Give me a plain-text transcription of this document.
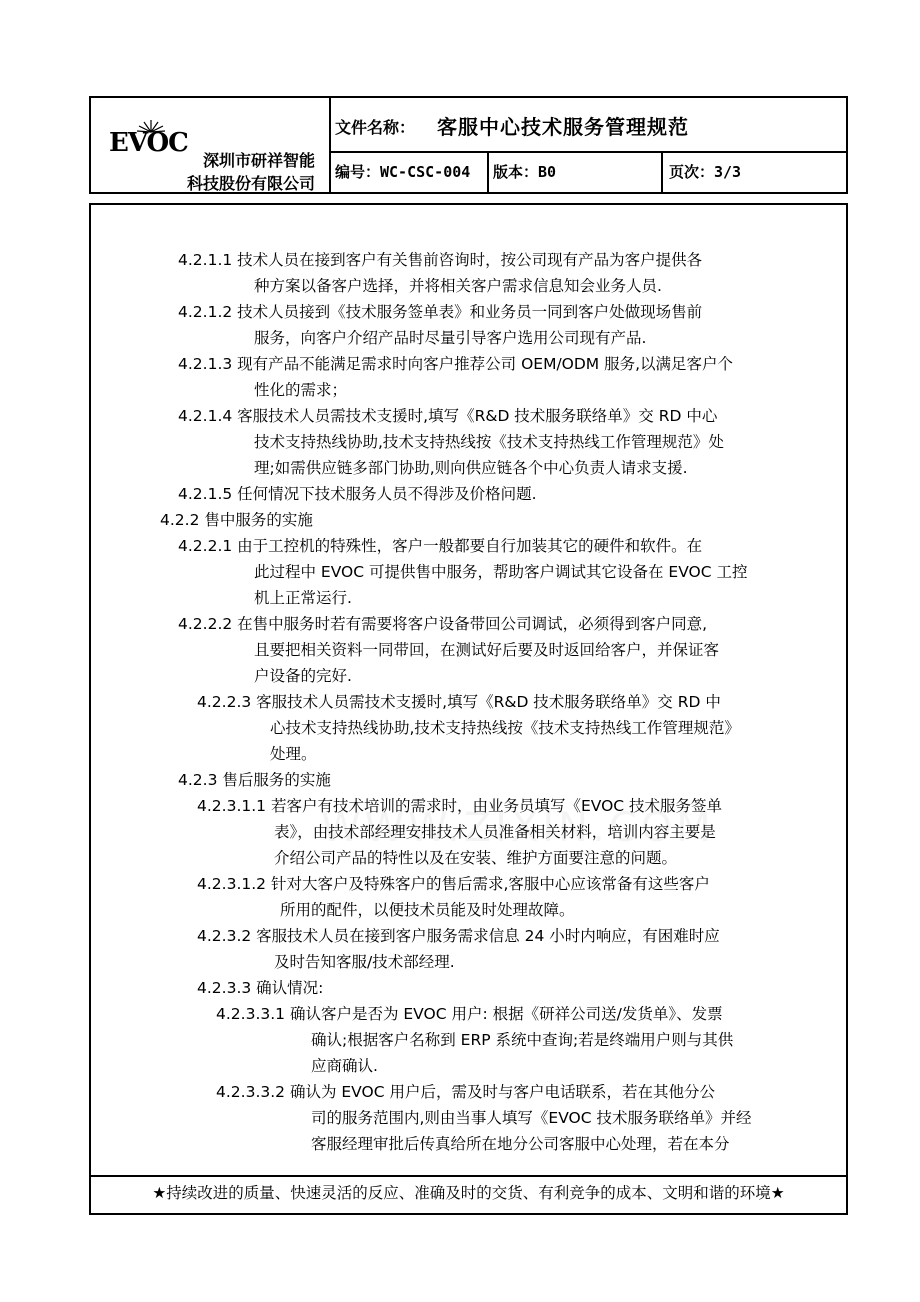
EVOC
深圳市研祥智能
科技股份有限公司
文件名称： 客服中心技术服务管理规范
编号：WC-CSC-004	版本：B0	页次：3/3
4.2.1.1 技术人员在接到客户有关售前咨询时，按公司现有产品为客户提供各
种方案以备客户选择，并将相关客户需求信息知会业务人员.
4.2.1.2 技术人员接到《技术服务签单表》和业务员一同到客户处做现场售前
服务，向客户介绍产品时尽量引导客户选用公司现有产品.
4.2.1.3 现有产品不能满足需求时向客户推荐公司 OEM/ODM 服务,以满足客户个
性化的需求；
4.2.1.4 客服技术人员需技术支援时,填写《R&D 技术服务联络单》交 RD 中心
技术支持热线协助,技术支持热线按《技术支持热线工作管理规范》处
理;如需供应链多部门协助,则向供应链各个中心负责人请求支援.
4.2.1.5 任何情况下技术服务人员不得涉及价格问题.
4.2.2 售中服务的实施
4.2.2.1 由于工控机的特殊性，客户一般都要自行加装其它的硬件和软件。在
此过程中 EVOC 可提供售中服务，帮助客户调试其它设备在 EVOC 工控
机上正常运行.
4.2.2.2 在售中服务时若有需要将客户设备带回公司调试，必须得到客户同意,
且要把相关资料一同带回，在测试好后要及时返回给客户，并保证客
户设备的完好.
4.2.2.3 客服技术人员需技术支援时,填写《R&D 技术服务联络单》交 RD 中
心技术支持热线协助,技术支持热线按《技术支持热线工作管理规范》
处理。
4.2.3 售后服务的实施
4.2.3.1.1 若客户有技术培训的需求时，由业务员填写《EVOC 技术服务签单
表》，由技术部经理安排技术人员准备相关材料，培训内容主要是
介绍公司产品的特性以及在安装、维护方面要注意的问题。
4.2.3.1.2 针对大客户及特殊客户的售后需求,客服中心应该常备有这些客户
所用的配件，以便技术员能及时处理故障。
4.2.3.2 客服技术人员在接到客户服务需求信息 24 小时内响应，有困难时应
及时告知客服/技术部经理.
4.2.3.3 确认情况:
4.2.3.3.1 确认客户是否为 EVOC 用户: 根据《研祥公司送/发货单》、发票
确认;根据客户名称到 ERP 系统中查询;若是终端用户则与其供
应商确认.
4.2.3.3.2 确认为 EVOC 用户后，需及时与客户电话联系，若在其他分公
司的服务范围内,则由当事人填写《EVOC 技术服务联络单》并经
客服经理审批后传真给所在地分公司客服中心处理，若在本分
★持续改进的质量、快速灵活的反应、准确及时的交货、有利竞争的成本、文明和谐的环境★
